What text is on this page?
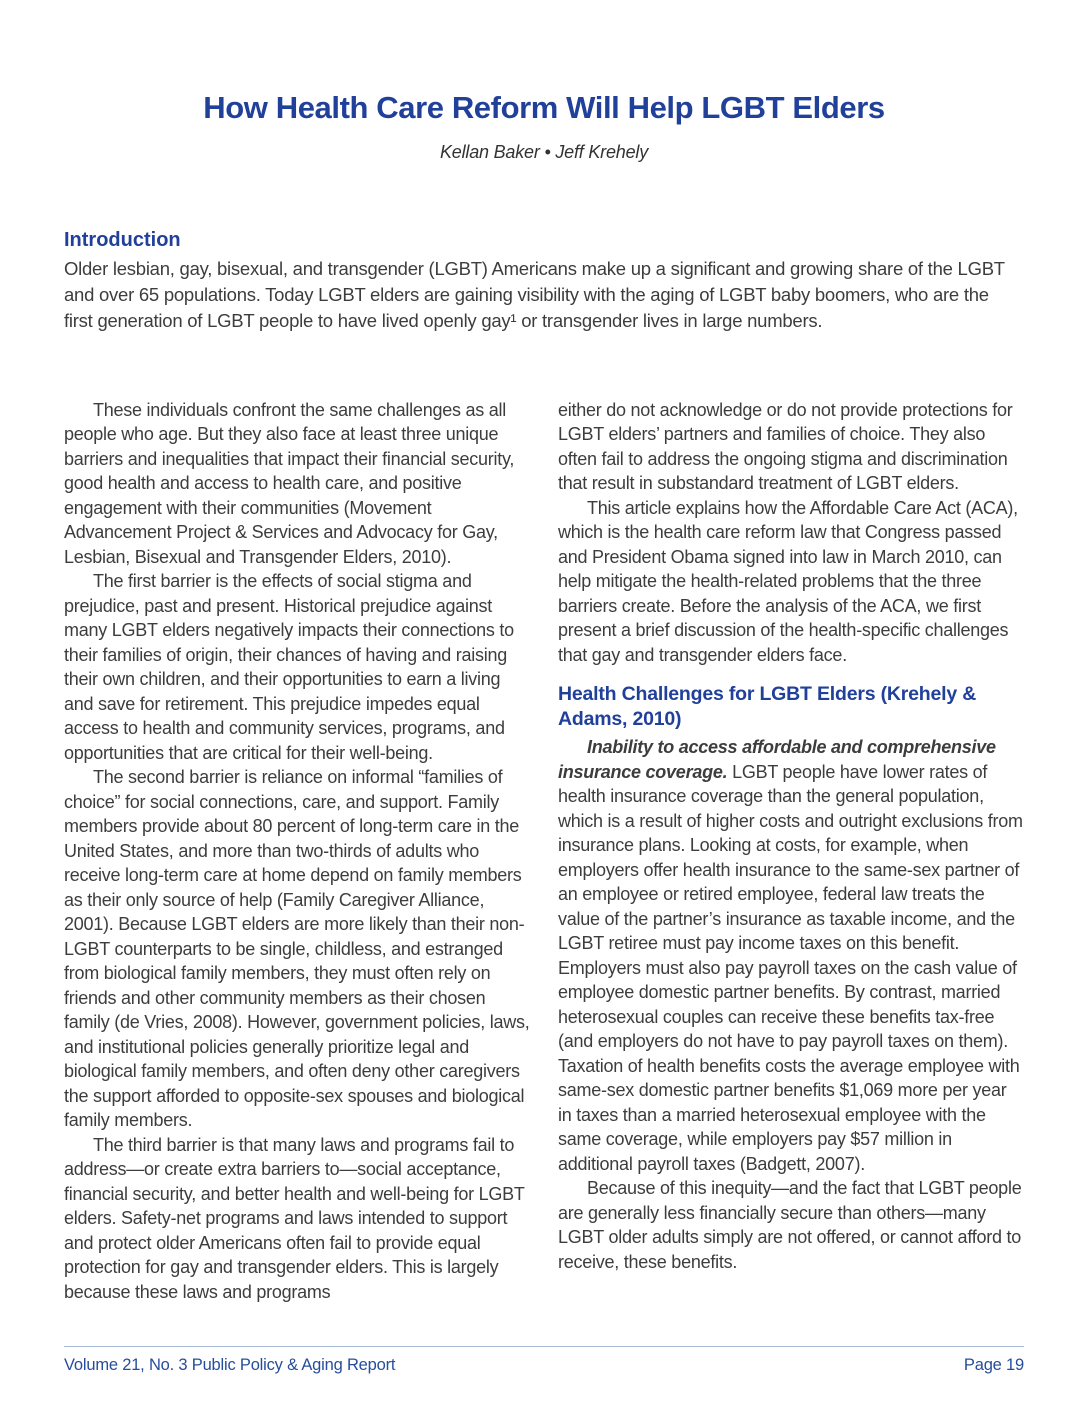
How Health Care Reform Will Help LGBT Elders
Kellan Baker • Jeff Krehely
Introduction

Older lesbian, gay, bisexual, and transgender (LGBT) Americans make up a significant and growing share of the LGBT and over 65 populations. Today LGBT elders are gaining visibility with the aging of LGBT baby boomers, who are the first generation of LGBT people to have lived openly gay¹ or transgender lives in large numbers.

These individuals confront the same challenges as all people who age. But they also face at least three unique barriers and inequalities that impact their financial security, good health and access to health care, and positive engagement with their communities (Movement Advancement Project & Services and Advocacy for Gay, Lesbian, Bisexual and Transgender Elders, 2010).

The first barrier is the effects of social stigma and prejudice, past and present. Historical prejudice against many LGBT elders negatively impacts their connections to their families of origin, their chances of having and raising their own children, and their opportunities to earn a living and save for retirement. This prejudice impedes equal access to health and community services, programs, and opportunities that are critical for their well-being.

The second barrier is reliance on informal “families of choice” for social connections, care, and support. Family members provide about 80 percent of long-term care in the United States, and more than two-thirds of adults who receive long-term care at home depend on family members as their only source of help (Family Caregiver Alliance, 2001). Because LGBT elders are more likely than their non-LGBT counterparts to be single, childless, and estranged from biological family members, they must often rely on friends and other community members as their chosen family (de Vries, 2008). However, government policies, laws, and institutional policies generally prioritize legal and biological family members, and often deny other caregivers the support afforded to opposite-sex spouses and biological family members.

The third barrier is that many laws and programs fail to address—or create extra barriers to—social acceptance, financial security, and better health and well-being for LGBT elders. Safety-net programs and laws intended to support and protect older Americans often fail to provide equal protection for gay and transgender elders. This is largely because these laws and programs

either do not acknowledge or do not provide protections for LGBT elders’ partners and families of choice. They also often fail to address the ongoing stigma and discrimination that result in substandard treatment of LGBT elders.

This article explains how the Affordable Care Act (ACA), which is the health care reform law that Congress passed and President Obama signed into law in March 2010, can help mitigate the health-related problems that the three barriers create. Before the analysis of the ACA, we first present a brief discussion of the health-specific challenges that gay and transgender elders face.

Health Challenges for LGBT Elders (Krehely & Adams, 2010)

Inability to access affordable and comprehensive insurance coverage. LGBT people have lower rates of health insurance coverage than the general population, which is a result of higher costs and outright exclusions from insurance plans. Looking at costs, for example, when employers offer health insurance to the same-sex partner of an employee or retired employee, federal law treats the value of the partner’s insurance as taxable income, and the LGBT retiree must pay income taxes on this benefit. Employers must also pay payroll taxes on the cash value of employee domestic partner benefits. By contrast, married heterosexual couples can receive these benefits tax-free (and employers do not have to pay payroll taxes on them). Taxation of health benefits costs the average employee with same-sex domestic partner benefits $1,069 more per year in taxes than a married heterosexual employee with the same coverage, while employers pay $57 million in additional payroll taxes (Badgett, 2007).

Because of this inequity—and the fact that LGBT people are generally less financially secure than others—many LGBT older adults simply are not offered, or cannot afford to receive, these benefits.

Volume 21, No. 3 Public Policy & Aging Report	Page 19
